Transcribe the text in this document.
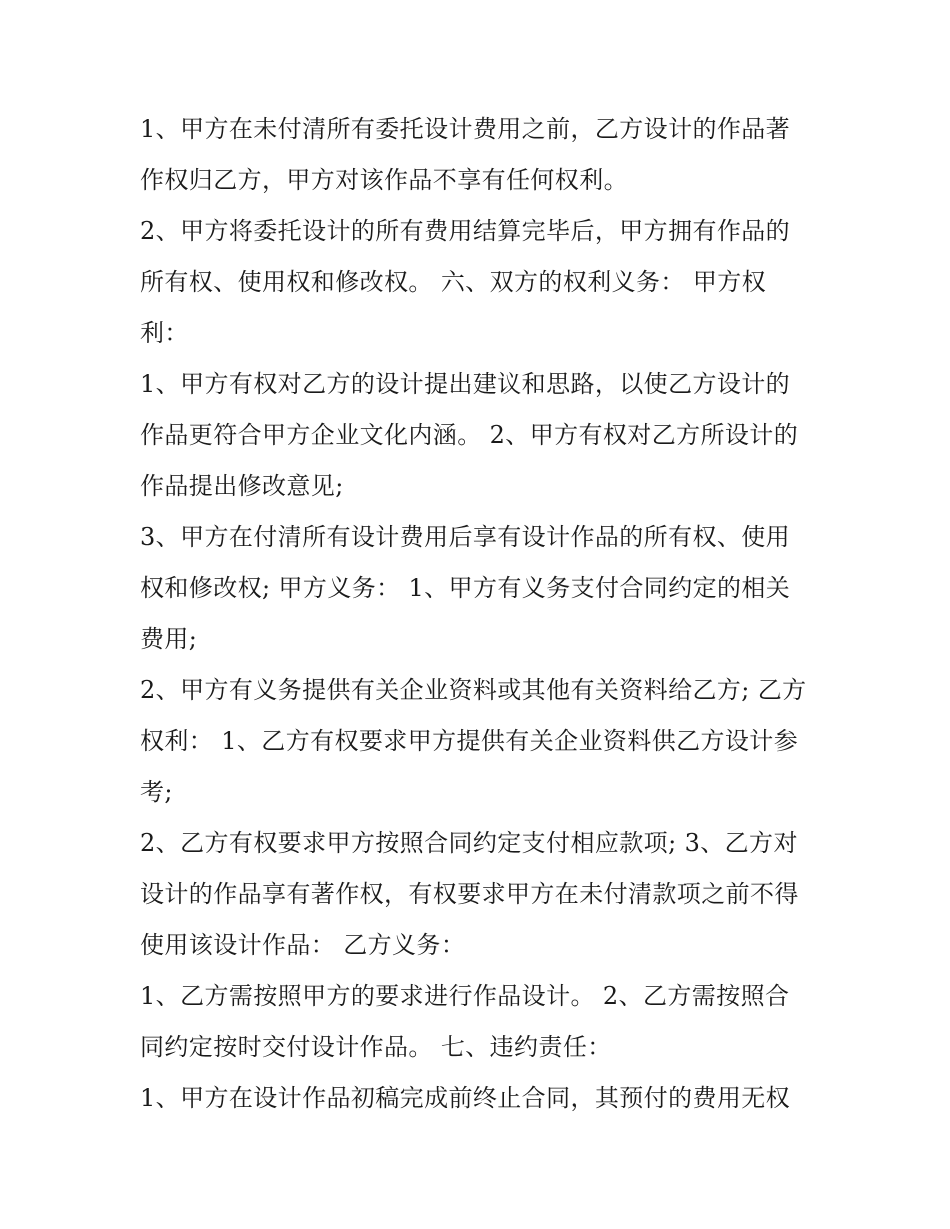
1、甲方在未付清所有委托设计费用之前，乙方设计的作品著
作权归乙方，甲方对该作品不享有任何权利。
2、甲方将委托设计的所有费用结算完毕后，甲方拥有作品的
所有权、使用权和修改权。 六、双方的权利义务： 甲方权
利：
1、甲方有权对乙方的设计提出建议和思路，以使乙方设计的
作品更符合甲方企业文化内涵。 2、甲方有权对乙方所设计的
作品提出修改意见;
3、甲方在付清所有设计费用后享有设计作品的所有权、使用
权和修改权; 甲方义务： 1、甲方有义务支付合同约定的相关
费用;
2、甲方有义务提供有关企业资料或其他有关资料给乙方; 乙方
权利： 1、乙方有权要求甲方提供有关企业资料供乙方设计参
考;
2、乙方有权要求甲方按照合同约定支付相应款项; 3、乙方对
设计的作品享有著作权，有权要求甲方在未付清款项之前不得
使用该设计作品： 乙方义务：
1、乙方需按照甲方的要求进行作品设计。 2、乙方需按照合
同约定按时交付设计作品。 七、违约责任：
1、甲方在设计作品初稿完成前终止合同，其预付的费用无权
